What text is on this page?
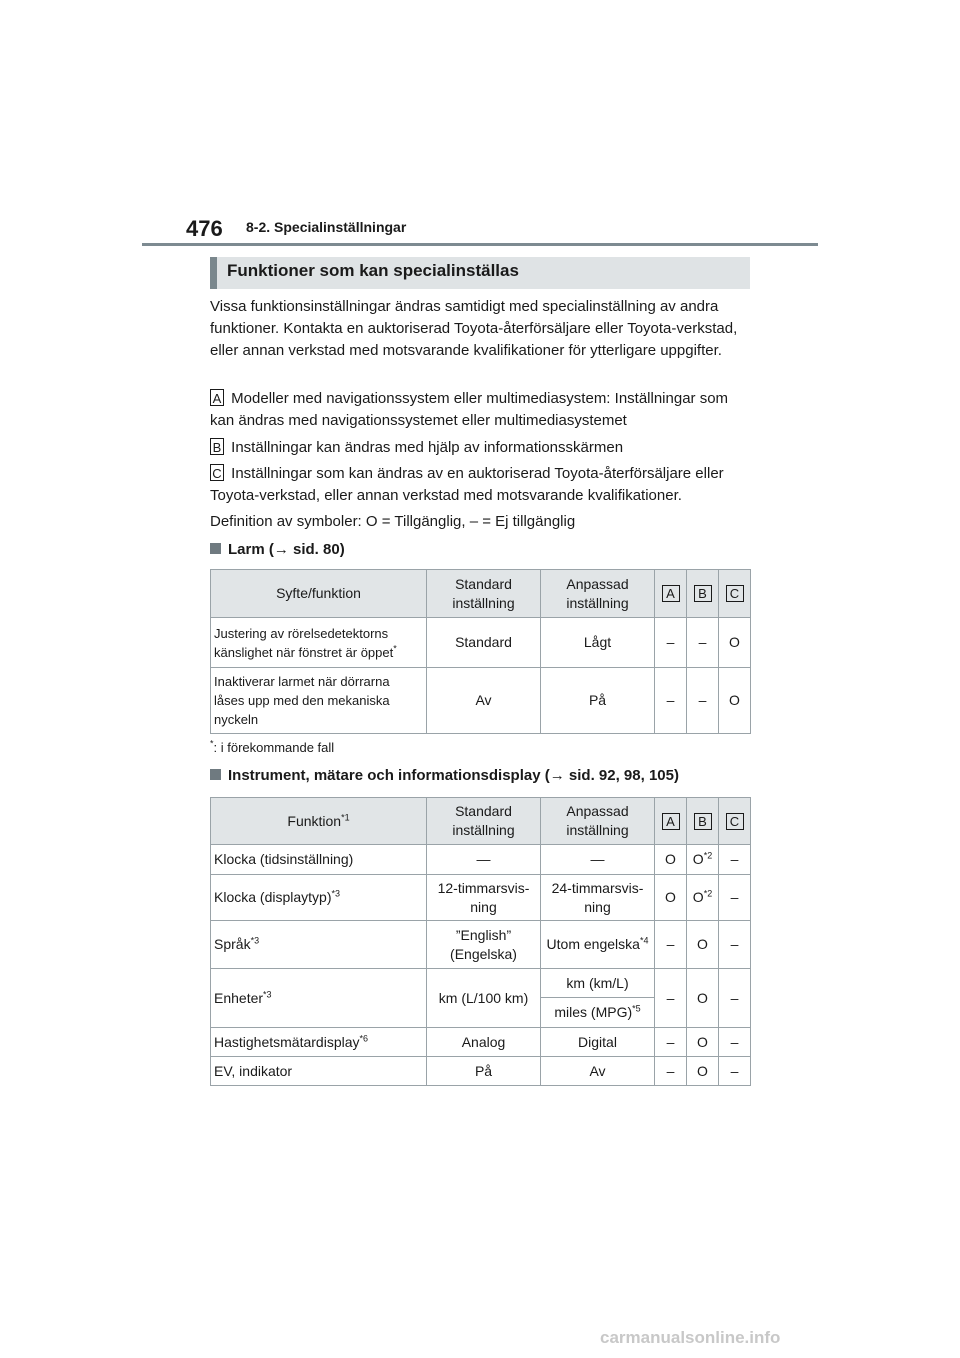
476 8-2. Specialinställningar
Funktioner som kan specialinställas
Vissa funktionsinställningar ändras samtidigt med specialinställning av andra funktioner. Kontakta en auktoriserad Toyota-återförsäljare eller Toyota-verkstad, eller annan verkstad med motsvarande kvalifikationer för ytterligare uppgifter.
A Modeller med navigationssystem eller multimediasystem: Inställningar som kan ändras med navigationssystemet eller multimediasystemet
B Inställningar kan ändras med hjälp av informationsskärmen
C Inställningar som kan ändras av en auktoriserad Toyota-återförsäljare eller Toyota-verkstad, eller annan verkstad med motsvarande kvalifikationer.
Definition av symboler: O = Tillgänglig, – = Ej tillgänglig
Larm (→ sid. 80)
Syfte/funktion	Standard inställning	Anpassad inställning	A	B	C
Justering av rörelsedetektorns känslighet när fönstret är öppet*	Standard	Lågt	–	–	O
Inaktiverar larmet när dörrarna låses upp med den mekaniska nyckeln	Av	På	–	–	O
*: i förekommande fall
Instrument, mätare och informationsdisplay (→ sid. 92, 98, 105)
Funktion$^{*1}$	Standard inställning	Anpassad inställning	A	B	C
Klocka (tidsinställning)	—	—	O	$O^{*2}$	–
Klocka (displaytyp)$^{*3}$	12-timmarsvis-ning	24-timmarsvis-ning	O	$O^{*2}$	–
Språk$^{*3}$	”English” (Engelska)	Utom engelska$^{*4}$	–	O	–
Enheter$^{*3}$	km (L/100 km)	km (km/L)	–	O	–
		miles (MPG)$^{*5}$
Hastighetsmätardisplay$^{*6}$	Analog	Digital	–	O	–
EV, indikator	På	Av	–	O	–
carmanualsonline.info
